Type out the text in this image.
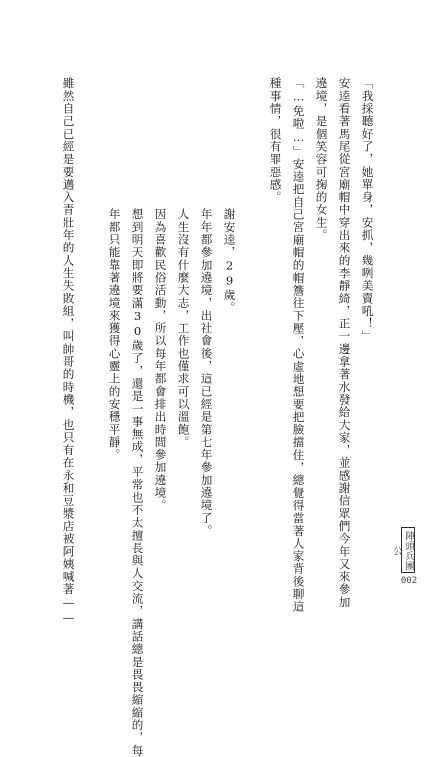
「我採聽好了，她單身，安抓，幾咧美賣吼！」
安逵看著馬尾從宮廟帽中穿出來的李靜綺，正一邊拿著水發給大家，並感謝信眾們今年又來參加
遶境，是個笑容可掬的女生。
「…免啦…」安逵把自己宮廟帽的帽簷往下壓，心虛地想要把臉擋住，總覺得當著人家背後聊這
種事情，很有罪惡感。
謝安逵，29歲。
年年都參加遶境，出社會後，這已經是第七年參加遶境了。
人生沒有什麼大志，工作也僅求可以溫飽。
因為喜歡民俗活動，所以每年都會排出時間參加遶境。
想到明天即將要滿30歲了，還是一事無成，平常也不太擅長與人交流，講話總是畏畏縮縮的，每
年都只能靠著遶境來獲得心靈上的安穩平靜。
雖然自己已經是要邁入青壯年的人生失敗組，叫帥哥的時機，也只有在永和豆漿店被阿姨喊著——	陣頭兵團公
002
